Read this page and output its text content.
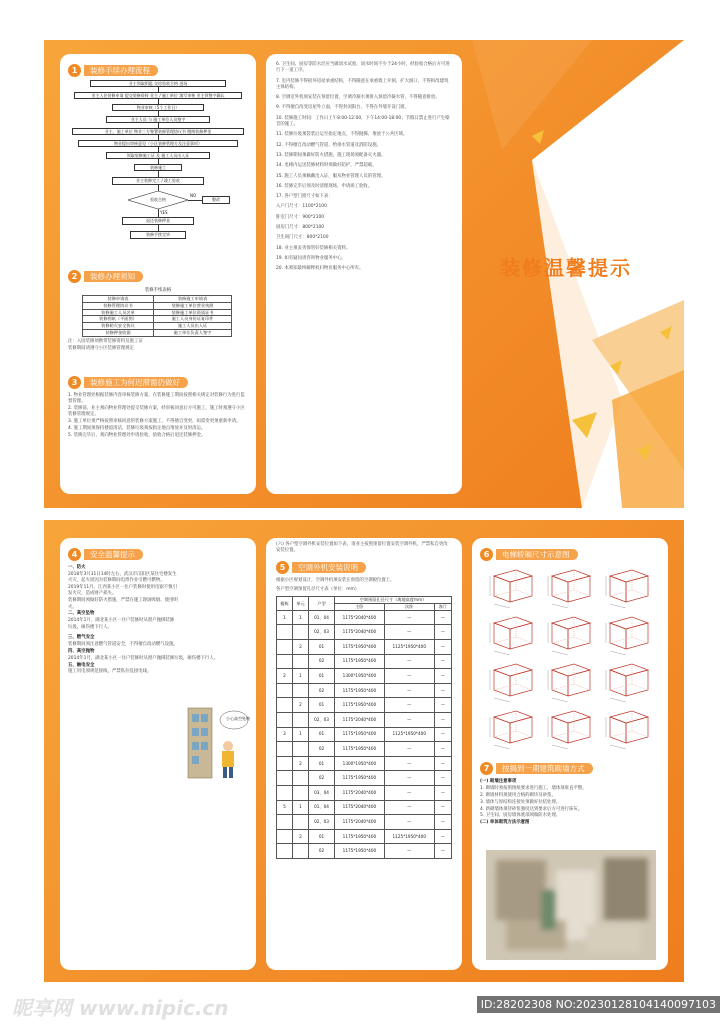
1	装修手续办理流程
业主领取钥匙 交房验收合格 进场
业主入住装修申请 提交装修资料 业主 / 施工单位 填写审核 业主须签字确认
物业审核（5个工作日）
业主人员 与 施工单位人员签字
业主、施工单位 物业三方签署装修管理协议书 缴纳装修押金
物业提出审核意见（小区装修管理方及注意事项）
领取装修施工证 及 施工人员出入证
装修施工
业主装修完工 / 竣工验收
验收合格
YES
NO
整改
退还装修押金
装修手续完毕
2	装修办理须知
装修手续表格
装修申请表	装修施工申请表
装修管理协议书	装修施工单位营业执照
装修施工人员名单	装修施工单位资质证书
装修图纸（平面图）	施工人员身份证复印件
装修防火安全协议	施工人员出入证
装修押金收据	施工单位负责人签字

注：入园装修须携带装修资料及施工证

装修期间请遵守小区装修管理规定

3	装修施工为何迟滞需仍做好

1. 物业管理处根据装修内容审核装修方案，在装修施工期间按照相关规定对装修行为进行监督管理。

2. 装修前，业主须向物业管理处提交装修方案，经审核同意后方可施工，施工时须遵守小区装修管理规定。

3. 施工单位须严格按照审核同意的装修方案施工，不得擅自变更，如需变更须重新申请。

4. 施工期间须保持楼道清洁，装修垃圾须按指定地点堆放并及时清运。

5. 装修完毕后，须向物业管理处申请验收，验收合格后退还装修押金。

6. 卫生间、厨房等防水层应当做闭水试验，闭水时间不少于24小时，经验收合格后方可进行下一道工序。

7. 室内装修不得损坏房屋承重结构，不得随意在承重墙上开洞、扩大洞口，不得拆改建筑主体结构。

8. 空调室外机须安装在预留位置，空调冷凝水须排入预留冷凝水管，不得随意排放。

9. 不得擅自改变房屋外立面，不得封闭阳台，不得在外墙开设门窗。

10. 装修施工时间：工作日上午8:00-12:00，下午14:00-18:00；节假日禁止进行产生噪音的施工。

11. 装修垃圾须袋装后运至指定地点，不得抛掷、堆放于公共区域。

12. 不得擅自改动燃气管道、给排水管道及消防设施。

13. 装修期间须做好防火措施，施工现场须配备灭火器。

14. 电梯内运送装修材料时须做好防护，严禁超载。

15. 施工人员须佩戴出入证，服从物业管理人员的管理。

16. 装修完毕后须及时清理现场，申请竣工验收。

17. 各户型门窗尺寸如下表：

入户门尺寸：1100*2100

卧室门尺寸：900*2100

厨房门尺寸：800*2100

卫生间门尺寸：800*2100

18. 业主须妥善保管好装修相关资料。

19. 如有疑问请咨询物业服务中心。

20. 本须知最终解释权归物业服务中心所有。	装修温馨提示
4	安全温馨提示

一、防火

2018年3月31日14时左右，武汉市汉阳区某住宅楼发生火灾，起火原因为装修期间电焊作业引燃可燃物。

2019年11月，江西某小区一住户装修时使用电锯不慎引发火灾，造成财产损失。

装修期间须做好防火措施，严禁在施工现场吸烟、使用明火。

二、高空坠物

2014年1月，湖北某小区一住户装修时从窗户抛掷装修垃圾，砸伤楼下行人。

三、燃气安全

装修期间须注意燃气管道安全，不得擅自改动燃气设施。

四、高空抛物

2014年1月，湖北某小区一住户装修时从窗户抛掷装修垃圾，砸伤楼下行人。

五、触电安全

施工用电须规范接线，严禁私拉乱接电线。

小心高空坠物
(六) 各户型空调外机安装位置如下表，请业主按照预留位置安装空调外机，严禁私自更改安装位置。
5	空调外机安装说明
根据小区规划设计，空调外机须安装在预留的空调板位置上。
各户型空调预留孔径尺寸表（单位：mm）
楼栋	单元	户型	空调预留孔径尺寸（离地高度mm）		
			主卧	次卧	客厅
1	1	01、04	1175*2040*400	—	—
		02、03	1175*2040*400	—	—
	2	01	1175*1950*400	1125*1950*400	—
		02	1175*1950*400	—	—
2	1	01	1300*1950*400	—	—
		02	1175*1950*400	—	—
	2	01	1175*1950*400	—	—
		02、03	1175*2040*400	—	—
3	1	01	1175*1950*400	1125*1950*400	—
		02	1175*1950*400	—	—
	2	01	1300*1950*400	—	—
		02	1175*1950*400	—	—
		03、04	1175*2040*400	—	—
5	1	01、04	1175*2040*400	—	—
		02、03	1175*2040*400	—	—
	2	01	1175*1950*400	1125*1950*400	—
		02	1175*1950*400	—	—
6	电梯轿厢尺寸示意图
7	按揭到一期建筑砌墙方式

(一) 砌墙注意事项

1. 砌墙时须按照图纸要求进行施工，墙体须垂直平整。

2. 砌墙材料须使用合格的砌块及砂浆。

3. 墙体与原结构连接处须做好拉结处理。

4. 新砌墙体须待砂浆强度达到要求后方可进行抹灰。

5. 卫生间、厨房墙体底部须做防水处理。

(二) 单体砌筑方法示意图

昵享网 www.nipic.cn	ID:28202308 NO:20230128104140097103
